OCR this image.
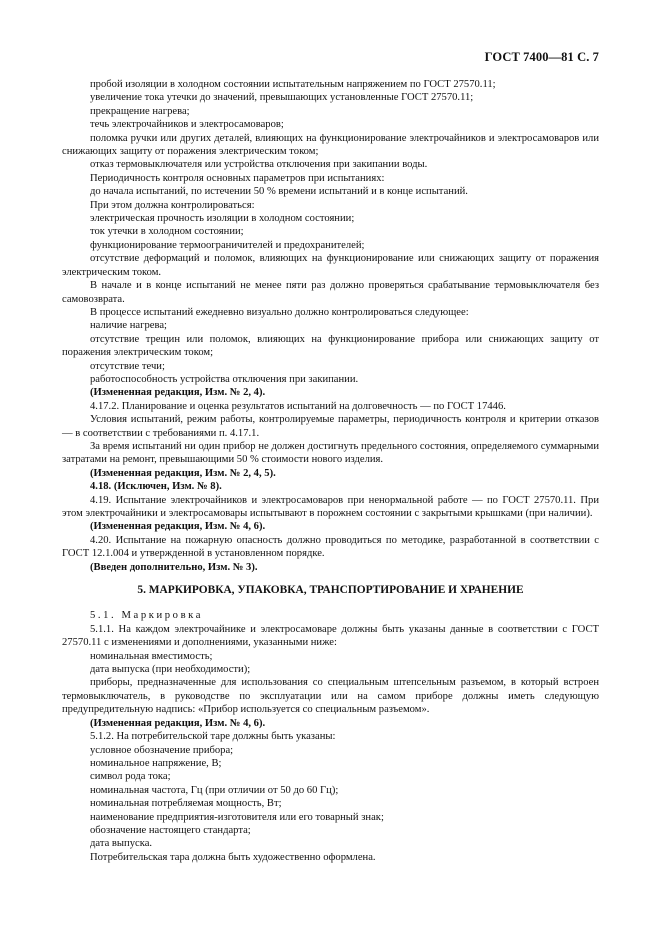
ГОСТ 7400—81 С. 7

пробой изоляции в холодном состоянии испытательным напряжением по ГОСТ 27570.11;

увеличение тока утечки до значений, превышающих установленные ГОСТ 27570.11;

прекращение нагрева;

течь электрочайников и электросамоваров;

поломка ручки или других деталей, влияющих на функционирование электрочайников и электросамоваров или снижающих защиту от поражения электрическим током;

отказ термовыключателя или устройства отключения при закипании воды.

Периодичность контроля основных параметров при испытаниях:

до начала испытаний, по истечении 50 % времени испытаний и в конце испытаний.

При этом должна контролироваться:

электрическая прочность изоляции в холодном состоянии;

ток утечки в холодном состоянии;

функционирование термоограничителей и предохранителей;

отсутствие деформаций и поломок, влияющих на функционирование или снижающих защиту от поражения электрическим током.

В начале и в конце испытаний не менее пяти раз должно проверяться срабатывание термовыключателя без самовозврата.

В процессе испытаний ежедневно визуально должно контролироваться следующее:

наличие нагрева;

отсутствие трещин или поломок, влияющих на функционирование прибора или снижающих защиту от поражения электрическим током;

отсутствие течи;

работоспособность устройства отключения при закипании.

(Измененная редакция, Изм. № 2, 4).

4.17.2. Планирование и оценка результатов испытаний на долговечность — по ГОСТ 17446.

Условия испытаний, режим работы, контролируемые параметры, периодичность контроля и критерии отказов — в соответствии с требованиями п. 4.17.1.

За время испытаний ни один прибор не должен достигнуть предельного состояния, определяемого суммарными затратами на ремонт, превышающими 50 % стоимости нового изделия.

(Измененная редакция, Изм. № 2, 4, 5).

4.18. (Исключен, Изм. № 8).

4.19. Испытание электрочайников и электросамоваров при ненормальной работе — по ГОСТ 27570.11. При этом электрочайники и электросамовары испытывают в порожнем состоянии с закрытыми крышками (при наличии).

(Измененная редакция, Изм. № 4, 6).

4.20. Испытание на пожарную опасность должно проводиться по методике, разработанной в соответствии с ГОСТ 12.1.004 и утвержденной в установленном порядке.

(Введен дополнительно, Изм. № 3).

5. МАРКИРОВКА, УПАКОВКА, ТРАНСПОРТИРОВАНИЕ И ХРАНЕНИЕ

5.1. Маркировка

5.1.1. На каждом электрочайнике и электросамоваре должны быть указаны данные в соответствии с ГОСТ 27570.11 с изменениями и дополнениями, указанными ниже:

номинальная вместимость;

дата выпуска (при необходимости);

приборы, предназначенные для использования со специальным штепсельным разъемом, в который встроен термовыключатель, в руководстве по эксплуатации или на самом приборе должны иметь следующую предупредительную надпись: «Прибор используется со специальным разъемом».

(Измененная редакция, Изм. № 4, 6).

5.1.2. На потребительской таре должны быть указаны:

условное обозначение прибора;

номинальное напряжение, В;

символ рода тока;

номинальная частота, Гц (при отличии от 50 до 60 Гц);

номинальная потребляемая мощность, Вт;

наименование предприятия-изготовителя или его товарный знак;

обозначение настоящего стандарта;

дата выпуска.

Потребительская тара должна быть художественно оформлена.
